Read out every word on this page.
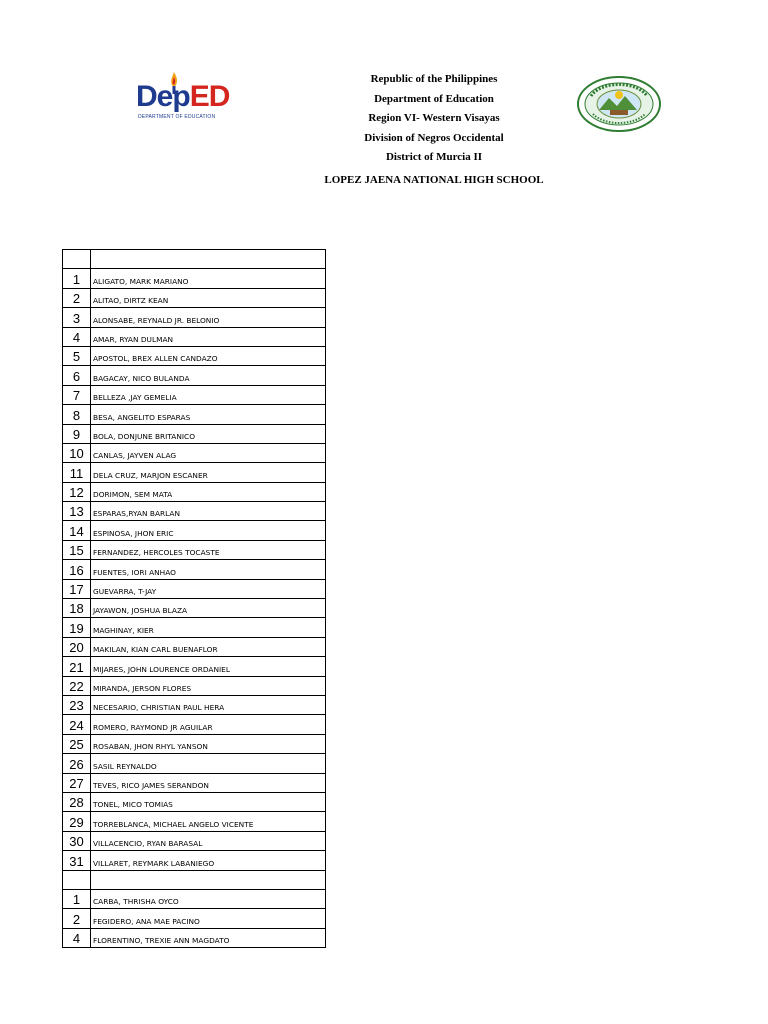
DepED
DEPARTMENT OF EDUCATION
Republic of the Philippines
Department of Education
Region VI- Western Visayas
Division of Negros Occidental
District of Murcia II
LOPEZ JAENA NATIONAL HIGH SCHOOL

1	ALIGATO, MARK MARIANO
2	ALITAO, DIRTZ KEAN
3	ALONSABE, REYNALD JR. BELONIO
4	AMAR, RYAN DULMAN
5	APOSTOL, BREX ALLEN CANDAZO
6	BAGACAY, NICO BULANDA
7	BELLEZA ,JAY GEMELIA
8	BESA, ANGELITO ESPARAS
9	BOLA, DONJUNE BRITANICO
10	CANLAS, JAYVEN ALAG
11	DELA CRUZ, MARJON ESCANER
12	DORIMON, SEM MATA
13	ESPARAS,RYAN BARLAN
14	ESPINOSA, JHON ERIC
15	FERNANDEZ, HERCOLES TOCASTE
16	FUENTES, IORI ANHAO
17	GUEVARRA, T-JAY
18	JAYAWON, JOSHUA BLAZA
19	MAGHINAY, KIER
20	MAKILAN, KIAN CARL BUENAFLOR
21	MIJARES, JOHN LOURENCE ORDANIEL
22	MIRANDA, JERSON FLORES
23	NECESARIO, CHRISTIAN PAUL HERA
24	ROMERO, RAYMOND JR AGUILAR
25	ROSABAN, JHON RHYL YANSON
26	SASIL REYNALDO
27	TEVES, RICO JAMES SERANDON
28	TONEL, MICO TOMIAS
29	TORREBLANCA, MICHAEL ANGELO VICENTE
30	VILLACENCIO, RYAN BARASAL
31	VILLARET, REYMARK LABANIEGO

1	CARBA, THRISHA OYCO
2	FEGIDERO, ANA MAE PACINO
4	FLORENTINO, TREXIE ANN MAGDATO
